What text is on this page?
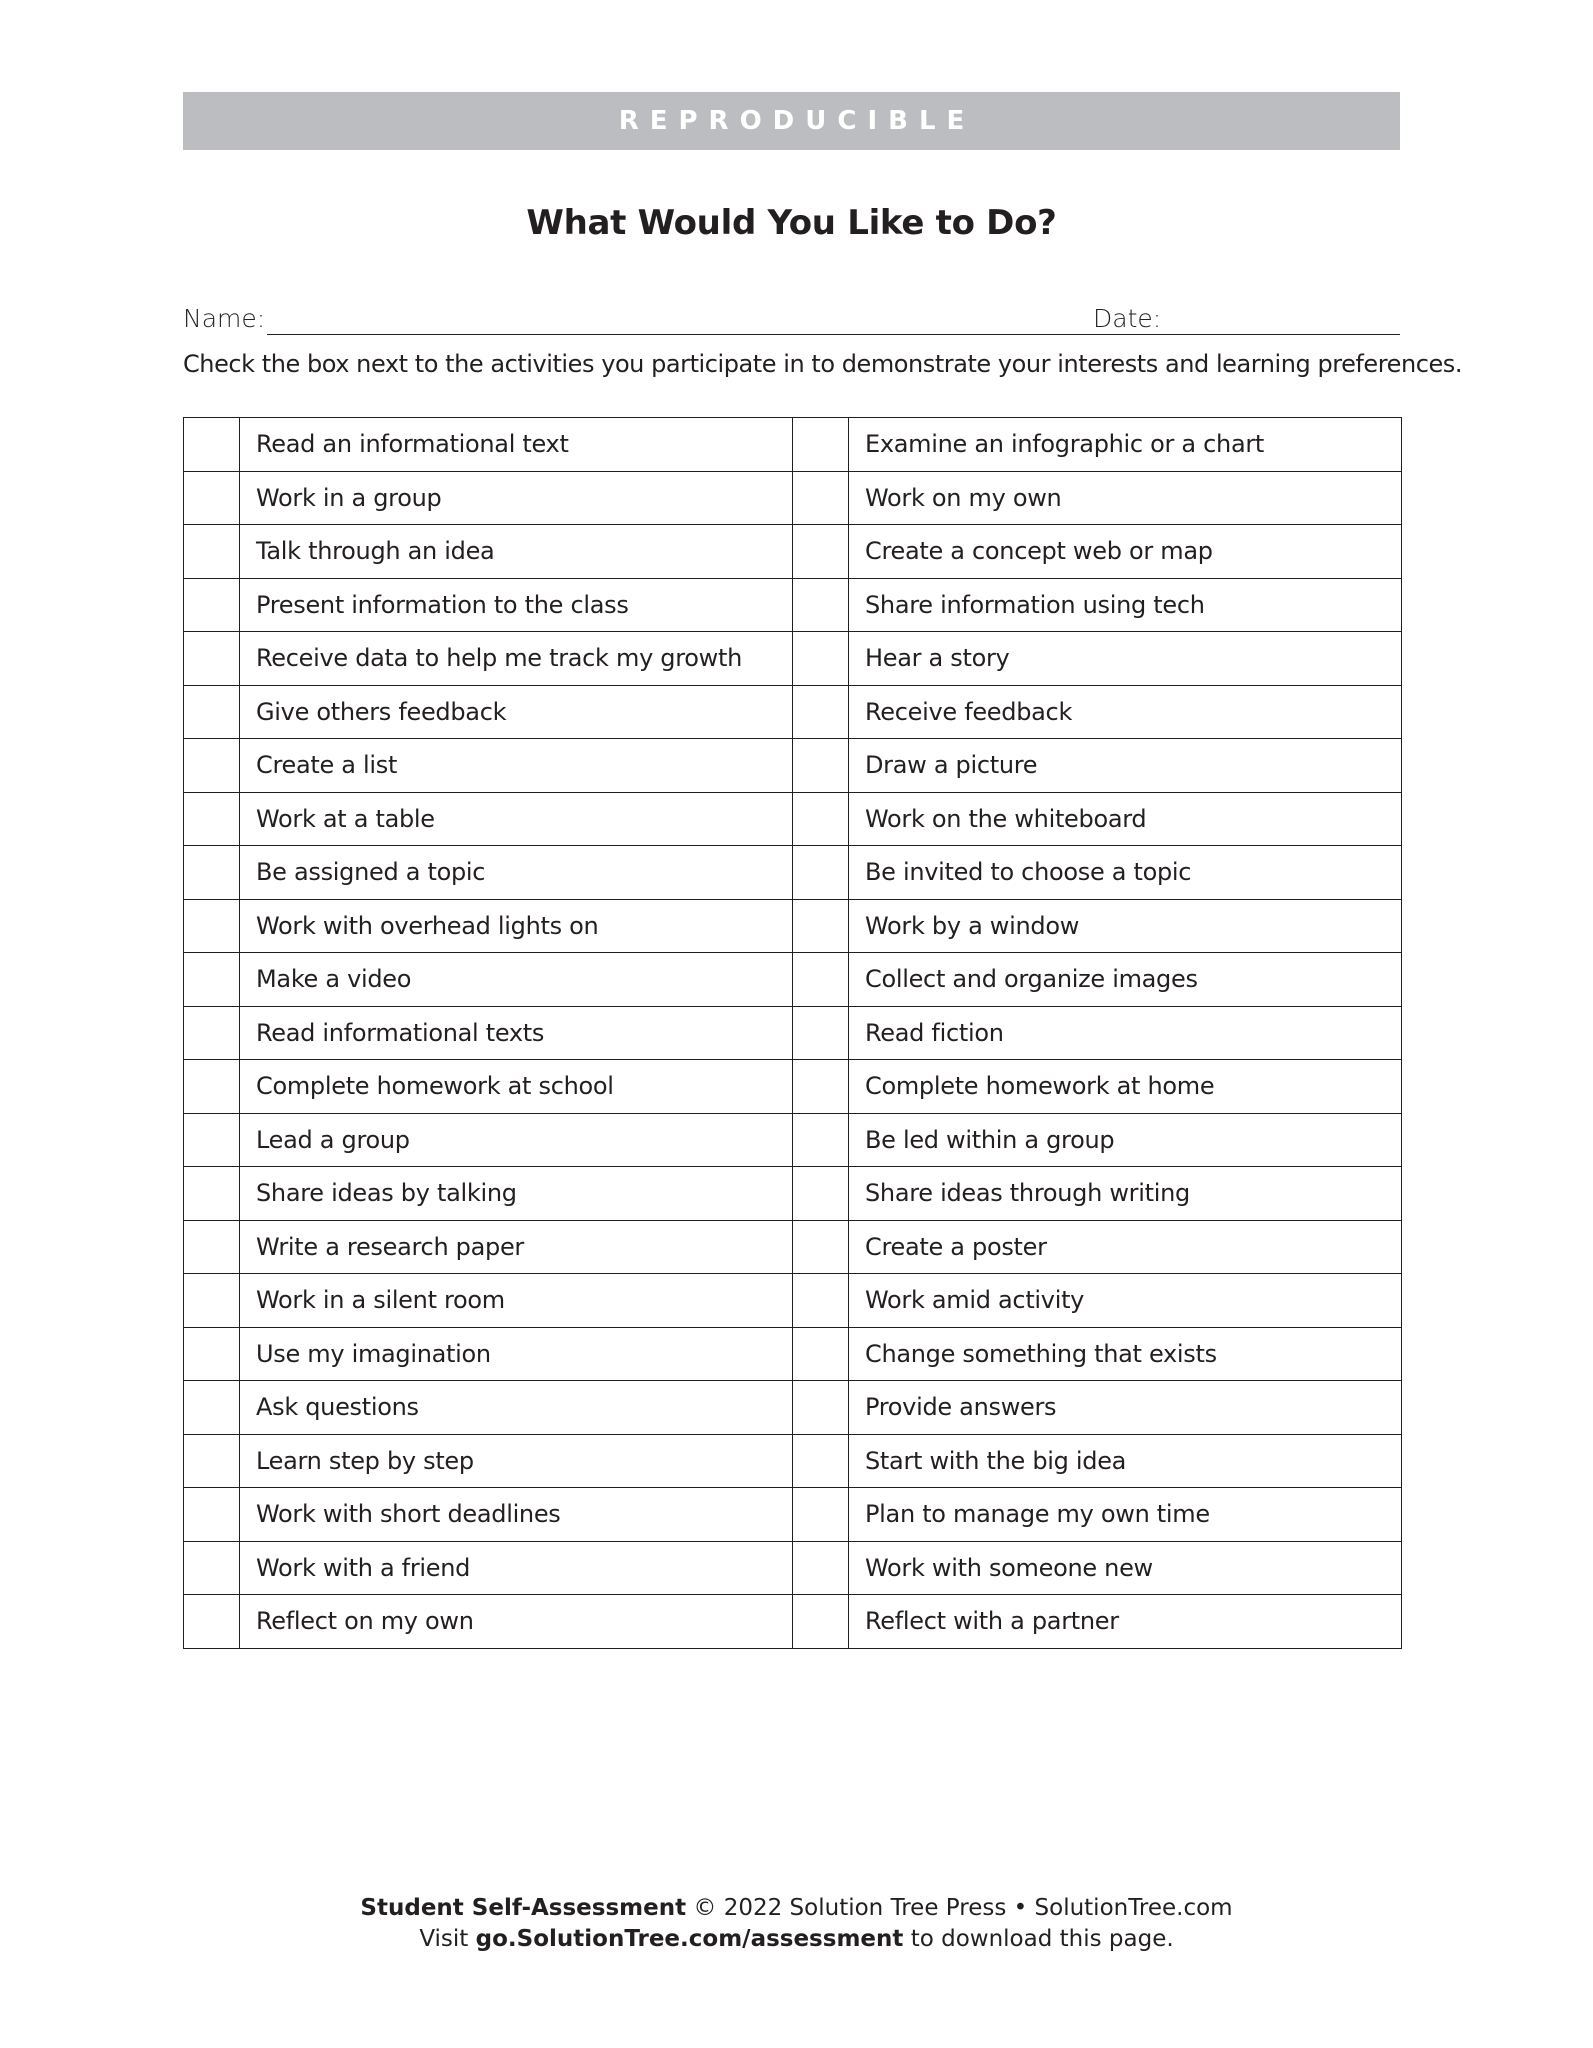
REPRODUCIBLE
What Would You Like to Do?
Name:	Date:
Check the box next to the activities you participate in to demonstrate your interests and learning preferences.
	Read an informational text		Examine an infographic or a chart
	Work in a group		Work on my own
	Talk through an idea		Create a concept web or map
	Present information to the class		Share information using tech
	Receive data to help me track my growth		Hear a story
	Give others feedback		Receive feedback
	Create a list		Draw a picture
	Work at a table		Work on the whiteboard
	Be assigned a topic		Be invited to choose a topic
	Work with overhead lights on		Work by a window
	Make a video		Collect and organize images
	Read informational texts		Read fiction
	Complete homework at school		Complete homework at home
	Lead a group		Be led within a group
	Share ideas by talking		Share ideas through writing
	Write a research paper		Create a poster
	Work in a silent room		Work amid activity
	Use my imagination		Change something that exists
	Ask questions		Provide answers
	Learn step by step		Start with the big idea
	Work with short deadlines		Plan to manage my own time
	Work with a friend		Work with someone new
	Reflect on my own		Reflect with a partner
Student Self-Assessment © 2022 Solution Tree Press • SolutionTree.com
Visit go.SolutionTree.com/assessment to download this page.
